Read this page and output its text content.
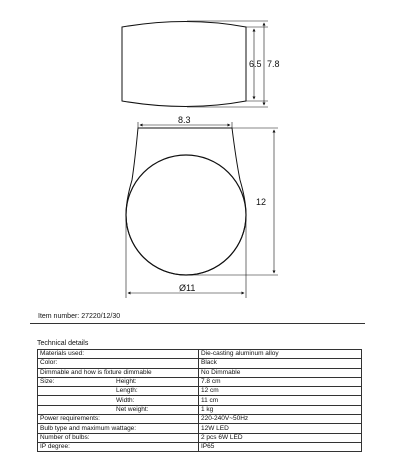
6.5 7.8
8.3
12
Ø11
Item number: 27220/12/30
Technical details
Materials used:		Die-casting aluminum alloy
Color:		Black
Dimmable and how is fixture dimmable		No Dimmable
Size:	Height:	7.8 cm
	Length:	12 cm
	Width:	11 cm
	Net weight:	1 kg
Power requirements:		220-240V~50Hz
Bulb type and maximum wattage:		12W LED
Number of bulbs:		2 pcs 6W LED
IP degree:		IP65
